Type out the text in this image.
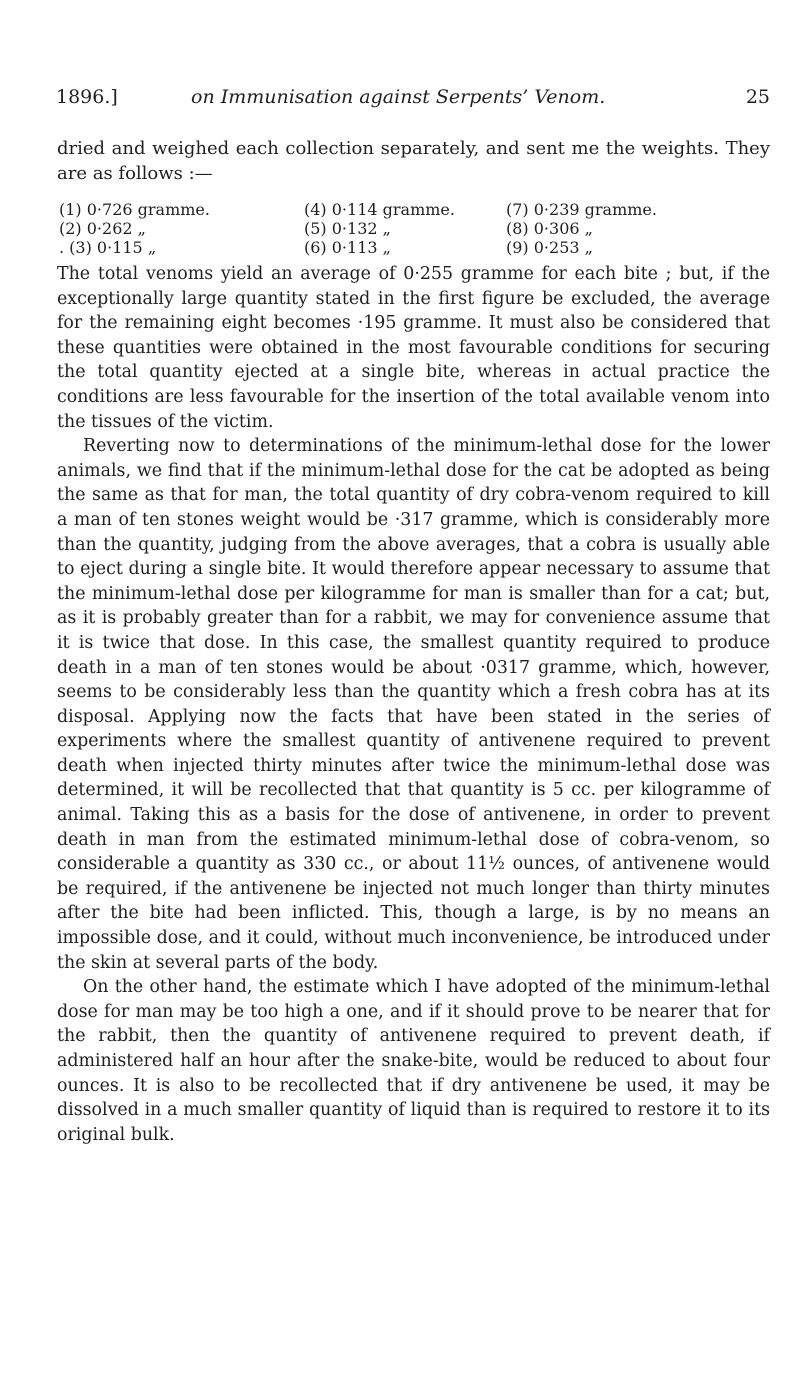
1896.]	on Immunisation against Serpents’ Venom.	25
dried and weighed each collection separately, and sent me the weights. They are as follows :—
(1) 0·726 gramme.	(4) 0·114 gramme.	(7) 0·239 gramme.
(2) 0·262 „	(5) 0·132 „	(8) 0·306 „
. (3) 0·115 „	(6) 0·113 „	(9) 0·253 „

The total venoms yield an average of 0·255 gramme for each bite ; but, if the exceptionally large quantity stated in the first figure be excluded, the average for the remaining eight becomes ·195 gramme. It must also be considered that these quantities were obtained in the most favourable conditions for securing the total quantity ejected at a single bite, whereas in actual practice the conditions are less favourable for the insertion of the total available venom into the tissues of the victim.

Reverting now to determinations of the minimum-lethal dose for the lower animals, we find that if the minimum-lethal dose for the cat be adopted as being the same as that for man, the total quantity of dry cobra-venom required to kill a man of ten stones weight would be ·317 gramme, which is considerably more than the quantity, judging from the above averages, that a cobra is usually able to eject during a single bite. It would therefore appear necessary to assume that the minimum-lethal dose per kilogramme for man is smaller than for a cat; but, as it is probably greater than for a rabbit, we may for convenience assume that it is twice that dose. In this case, the smallest quantity required to produce death in a man of ten stones would be about ·0317 gramme, which, however, seems to be considerably less than the quantity which a fresh cobra has at its disposal. Applying now the facts that have been stated in the series of experiments where the smallest quantity of antivenene required to prevent death when injected thirty minutes after twice the minimum-lethal dose was determined, it will be recollected that that quantity is 5 cc. per kilogramme of animal. Taking this as a basis for the dose of antivenene, in order to prevent death in man from the estimated minimum-lethal dose of cobra-venom, so considerable a quantity as 330 cc., or about 11½ ounces, of antivenene would be required, if the antivenene be injected not much longer than thirty minutes after the bite had been inflicted. This, though a large, is by no means an impossible dose, and it could, without much inconvenience, be introduced under the skin at several parts of the body.

On the other hand, the estimate which I have adopted of the minimum-lethal dose for man may be too high a one, and if it should prove to be nearer that for the rabbit, then the quantity of antivenene required to prevent death, if administered half an hour after the snake-bite, would be reduced to about four ounces. It is also to be recollected that if dry antivenene be used, it may be dissolved in a much smaller quantity of liquid than is required to restore it to its original bulk.
